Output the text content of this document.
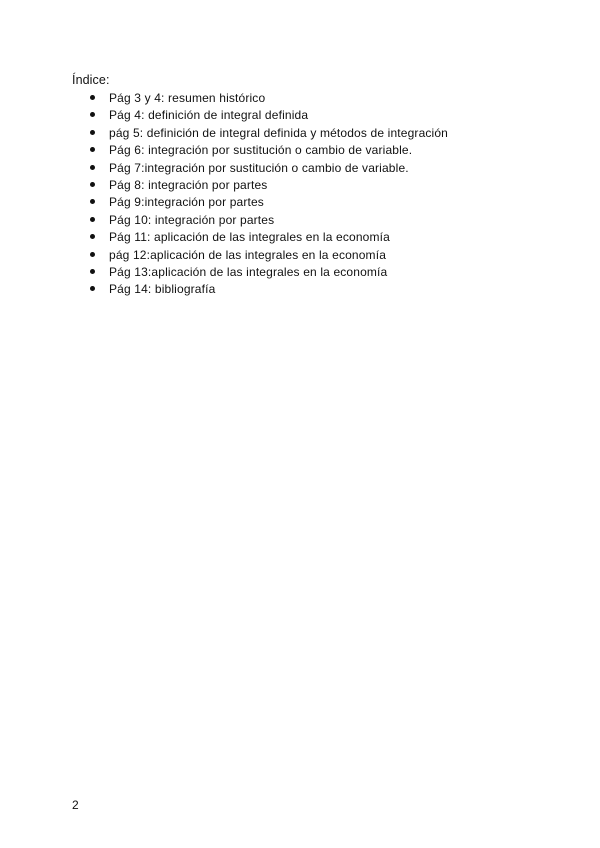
Índice:
Pág 3 y 4: resumen histórico
Pág 4: definición de integral definida
pág 5: definición de integral definida y métodos de integración
Pág 6: integración por sustitución o cambio de variable.
Pág 7:integración por sustitución o cambio de variable.
Pág 8: integración por partes
Pág 9:integración por partes
Pág 10: integración por partes
Pág 11: aplicación de las integrales en la economía
pág 12:aplicación de las integrales en la economía
Pág 13:aplicación de las integrales en la economía
Pág 14: bibliografía
2
